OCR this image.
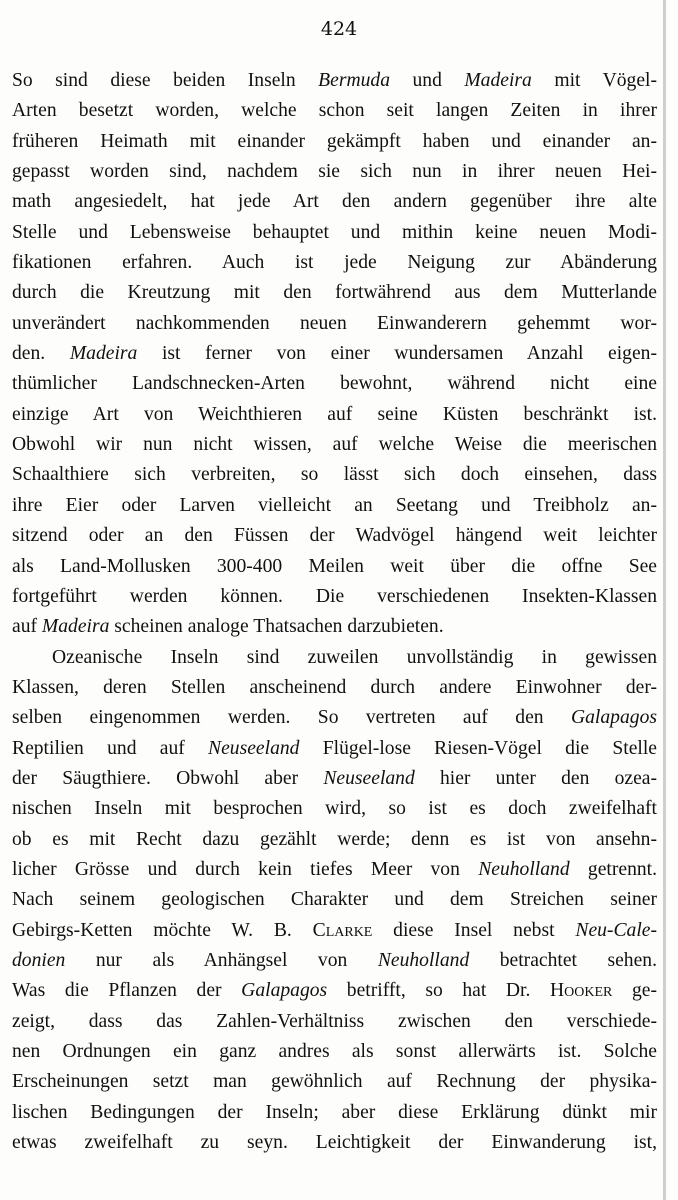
424
So sind diese beiden Inseln Bermuda und Madeira mit Vögel-
Arten besetzt worden, welche schon seit langen Zeiten in ihrer
früheren Heimath mit einander gekämpft haben und einander an-
gepasst worden sind, nachdem sie sich nun in ihrer neuen Hei-
math angesiedelt, hat jede Art den andern gegenüber ihre alte
Stelle und Lebensweise behauptet und mithin keine neuen Modi-
fikationen erfahren. Auch ist jede Neigung zur Abänderung
durch die Kreutzung mit den fortwährend aus dem Mutterlande
unverändert nachkommenden neuen Einwanderern gehemmt wor-
den. Madeira ist ferner von einer wundersamen Anzahl eigen-
thümlicher Landschnecken-Arten bewohnt, während nicht eine
einzige Art von Weichthieren auf seine Küsten beschränkt ist.
Obwohl wir nun nicht wissen, auf welche Weise die meerischen
Schaalthiere sich verbreiten, so lässt sich doch einsehen, dass
ihre Eier oder Larven vielleicht an Seetang und Treibholz an-
sitzend oder an den Füssen der Wadvögel hängend weit leichter
als Land-Mollusken 300-400 Meilen weit über die offne See
fortgeführt werden können. Die verschiedenen Insekten-Klassen
auf Madeira scheinen analoge Thatsachen darzubieten.
Ozeanische Inseln sind zuweilen unvollständig in gewissen
Klassen, deren Stellen anscheinend durch andere Einwohner der-
selben eingenommen werden. So vertreten auf den Galapagos
Reptilien und auf Neuseeland Flügel-lose Riesen-Vögel die Stelle
der Säugthiere. Obwohl aber Neuseeland hier unter den ozea-
nischen Inseln mit besprochen wird, so ist es doch zweifelhaft
ob es mit Recht dazu gezählt werde; denn es ist von ansehn-
licher Grösse und durch kein tiefes Meer von Neuholland getrennt.
Nach seinem geologischen Charakter und dem Streichen seiner
Gebirgs-Ketten möchte W. B. Clarke diese Insel nebst Neu-Cale-
donien nur als Anhängsel von Neuholland betrachtet sehen.
Was die Pflanzen der Galapagos betrifft, so hat Dr. Hooker ge-
zeigt, dass das Zahlen-Verhältniss zwischen den verschiede-
nen Ordnungen ein ganz andres als sonst allerwärts ist. Solche
Erscheinungen setzt man gewöhnlich auf Rechnung der physika-
lischen Bedingungen der Inseln; aber diese Erklärung dünkt mir
etwas zweifelhaft zu seyn. Leichtigkeit der Einwanderung ist,
